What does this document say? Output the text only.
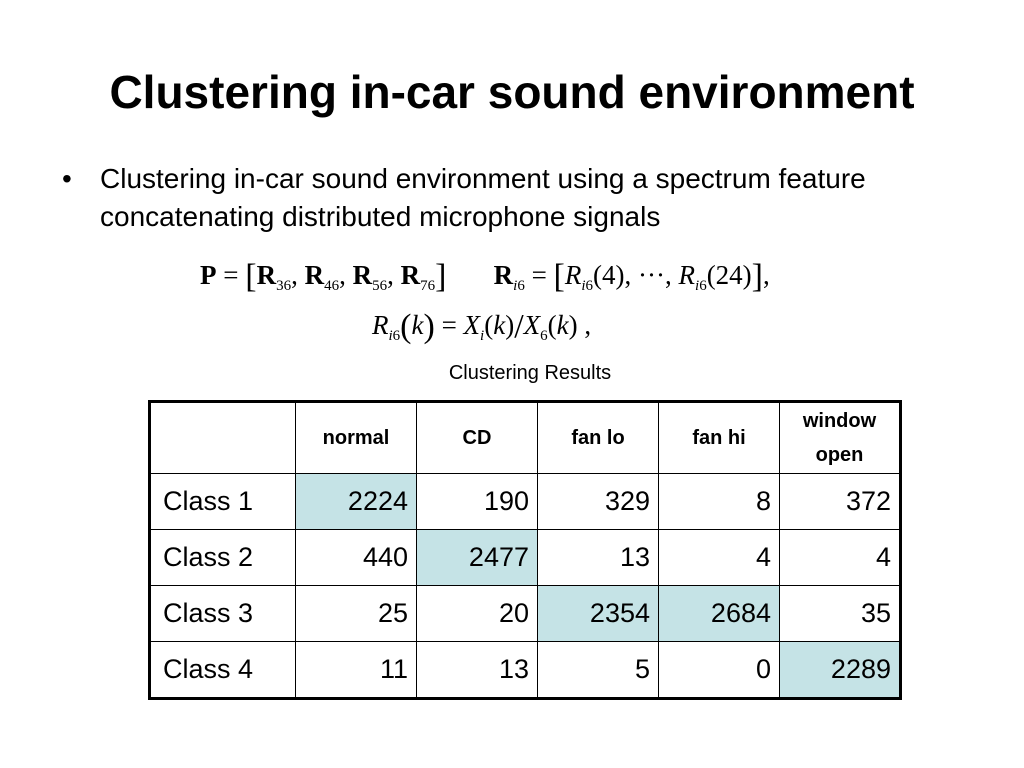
Clustering in-car sound environment
• Clustering in-car sound environment using a spectrum feature concatenating distributed microphone signals
$P = [R_{36}$, $R_{46}$, $R_{56}$, $R_{76}$] $R_{i6} = [R_{i6}(4)$, ···, $R_{i6}(24)$],
$R_{i6}(k) = X_i(k)/X_6(k)$ ,
Clustering Results
	normal	CD	fan lo	fan hi	window open
Class 1	2224	190	329	8	372
Class 2	440	2477	13	4	4
Class 3	25	20	2354	2684	35
Class 4	11	13	5	0	2289
